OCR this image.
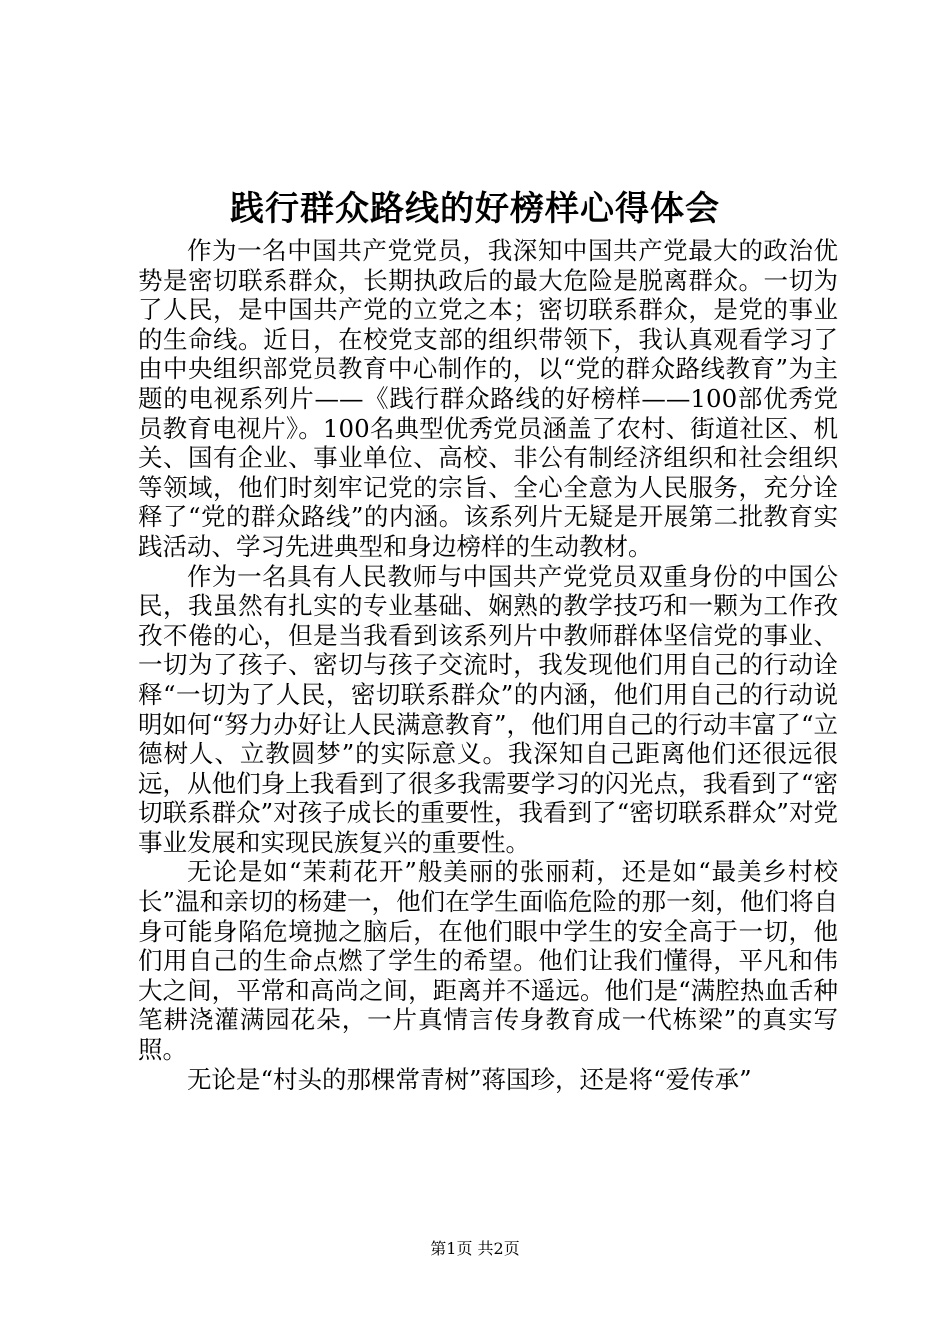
践行群众路线的好榜样心得体会

作为一名中国共产党党员，我深知中国共产党最大的政治优势是密切联系群众，长期执政后的最大危险是脱离群众。一切为了人民，是中国共产党的立党之本；密切联系群众，是党的事业的生命线。近日，在校党支部的组织带领下，我认真观看学习了由中央组织部党员教育中心制作的，以“党的群众路线教育”为主题的电视系列片——《践行群众路线的好榜样——100部优秀党员教育电视片》。100名典型优秀党员涵盖了农村、街道社区、机关、国有企业、事业单位、高校、非公有制经济组织和社会组织等领域，他们时刻牢记党的宗旨、全心全意为人民服务，充分诠释了“党的群众路线”的内涵。该系列片无疑是开展第二批教育实践活动、学习先进典型和身边榜样的生动教材。

作为一名具有人民教师与中国共产党党员双重身份的中国公民，我虽然有扎实的专业基础、娴熟的教学技巧和一颗为工作孜孜不倦的心，但是当我看到该系列片中教师群体坚信党的事业、一切为了孩子、密切与孩子交流时，我发现他们用自己的行动诠释“一切为了人民，密切联系群众”的内涵，他们用自己的行动说明如何“努力办好让人民满意教育”，他们用自己的行动丰富了“立德树人、立教圆梦”的实际意义。我深知自己距离他们还很远很远，从他们身上我看到了很多我需要学习的闪光点，我看到了“密切联系群众”对孩子成长的重要性，我看到了“密切联系群众”对党事业发展和实现民族复兴的重要性。

无论是如“茉莉花开”般美丽的张丽莉，还是如“最美乡村校长”温和亲切的杨建一，他们在学生面临危险的那一刻，他们将自身可能身陷危境抛之脑后，在他们眼中学生的安全高于一切，他们用自己的生命点燃了学生的希望。他们让我们懂得，平凡和伟大之间，平常和高尚之间，距离并不遥远。他们是“满腔热血舌种笔耕浇灌满园花朵，一片真情言传身教育成一代栋梁”的真实写照。

无论是“村头的那棵常青树”蒋国珍，还是将“爱传承”

第1页 共2页
